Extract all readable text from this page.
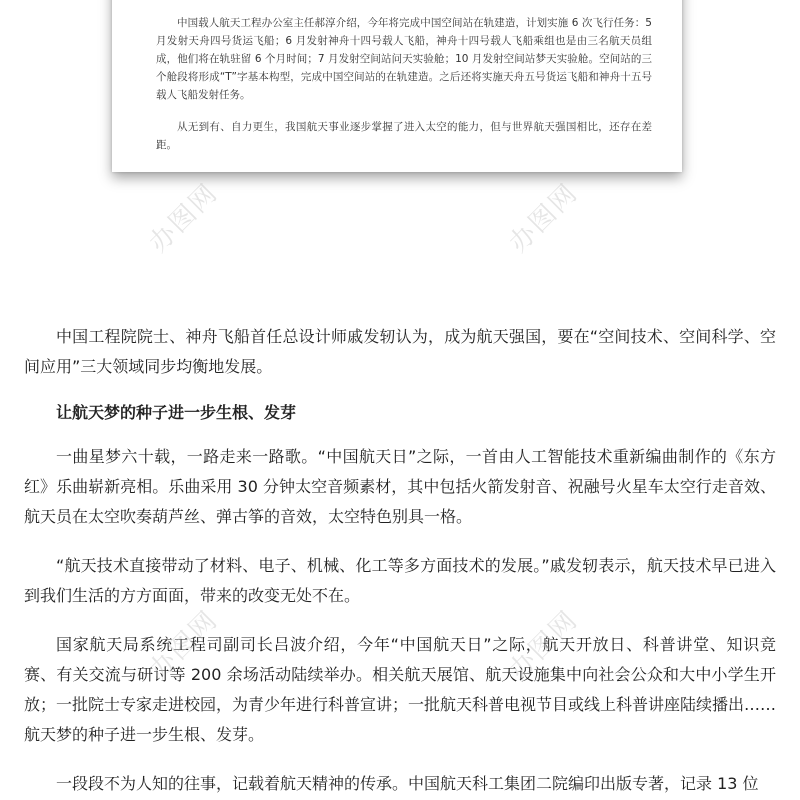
中国载人航天工程办公室主任郝淳介绍，今年将完成中国空间站在轨建造，计划实施 6 次飞行任务：5 月发射天舟四号货运飞船；6 月发射神舟十四号载人飞船，神舟十四号载人飞船乘组也是由三名航天员组成，他们将在轨驻留 6 个月时间；7 月发射空间站问天实验舱；10 月发射空间站梦天实验舱。空间站的三个舱段将形成“T”字基本构型，完成中国空间站的在轨建造。之后还将实施天舟五号货运飞船和神舟十五号载人飞船发射任务。

从无到有、自力更生，我国航天事业逐步掌握了进入太空的能力，但与世界航天强国相比，还存在差距。

中国工程院院士、神舟飞船首任总设计师戚发轫认为，成为航天强国，要在“空间技术、空间科学、空间应用”三大领域同步均衡地发展。

让航天梦的种子进一步生根、发芽

一曲星梦六十载，一路走来一路歌。“中国航天日”之际，一首由人工智能技术重新编曲制作的《东方红》乐曲崭新亮相。乐曲采用 30 分钟太空音频素材，其中包括火箭发射音、祝融号火星车太空行走音效、航天员在太空吹奏葫芦丝、弹古筝的音效，太空特色别具一格。

“航天技术直接带动了材料、电子、机械、化工等多方面技术的发展。”戚发轫表示，航天技术早已进入到我们生活的方方面面，带来的改变无处不在。

国家航天局系统工程司副司长吕波介绍，今年“中国航天日”之际，航天开放日、科普讲堂、知识竞赛、有关交流与研讨等 200 余场活动陆续举办。相关航天展馆、航天设施集中向社会公众和大中小学生开放；一批院士专家走进校园，为青少年进行科普宣讲；一批航天科普电视节目或线上科普讲座陆续播出……航天梦的种子进一步生根、发芽。

一段段不为人知的往事，记载着航天精神的传承。中国航天科工集团二院编印出版专著，记录 13 位

办图网	办图网
办图网	办图网
